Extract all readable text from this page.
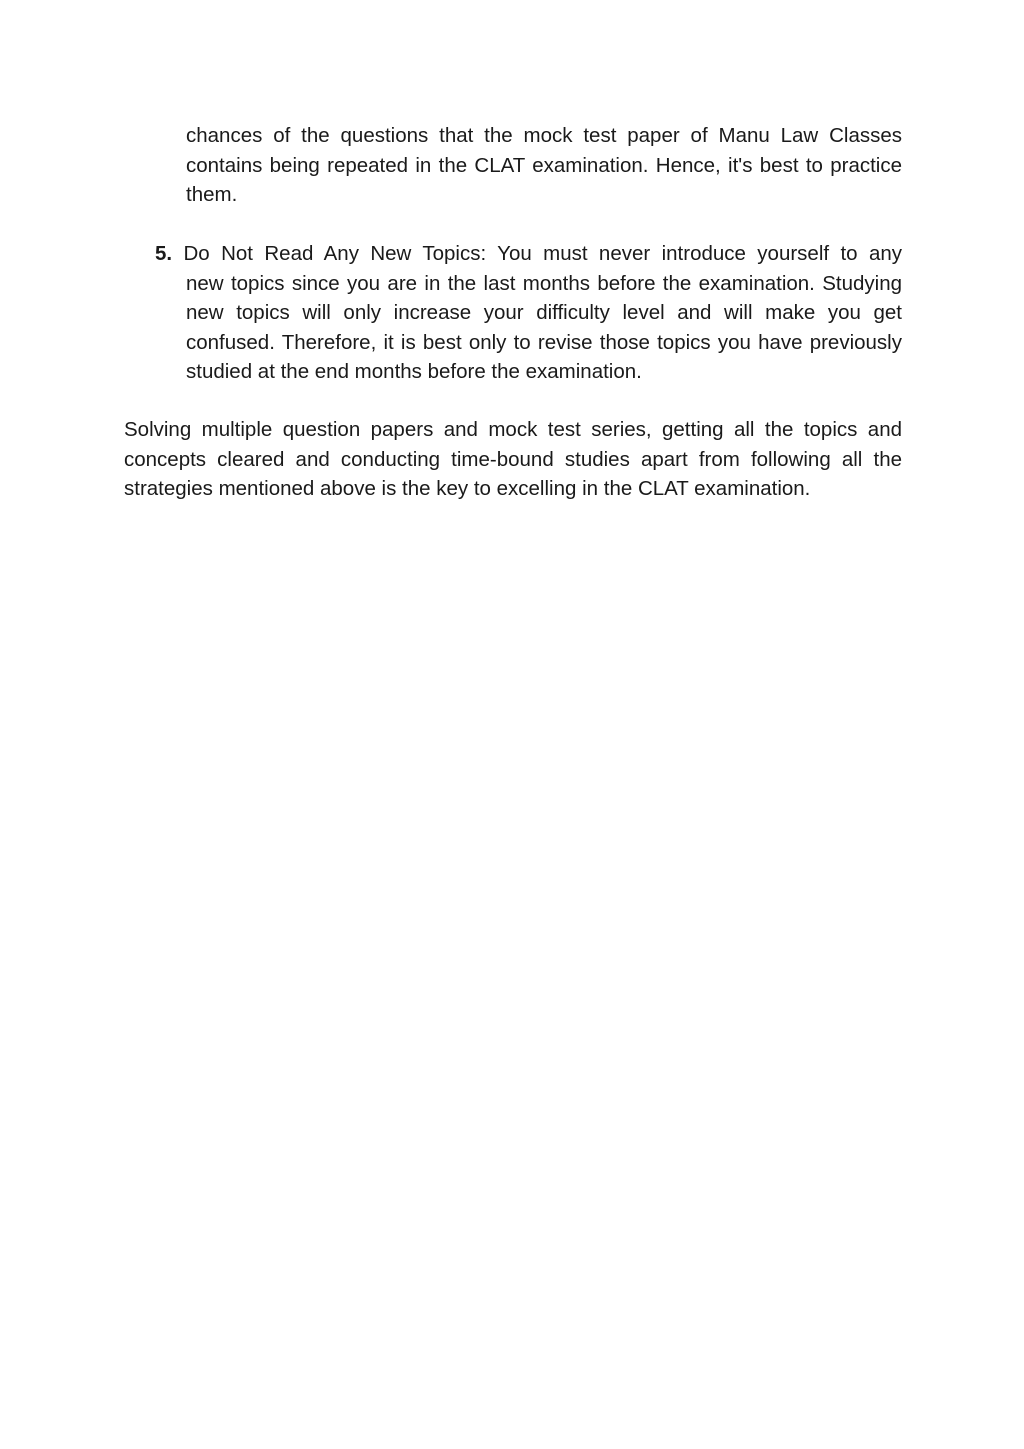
chances of the questions that the mock test paper of Manu Law Classes contains being repeated in the CLAT examination. Hence, it's best to practice them.

5. Do Not Read Any New Topics: You must never introduce yourself to any
new topics since you are in the last months before the examination. Studying new topics will only increase your difficulty level and will make you get confused. Therefore, it is best only to revise those topics you have previously studied at the end months before the examination.

Solving multiple question papers and mock test series, getting all the topics and concepts cleared and conducting time-bound studies apart from following all the strategies mentioned above is the key to excelling in the CLAT examination.
